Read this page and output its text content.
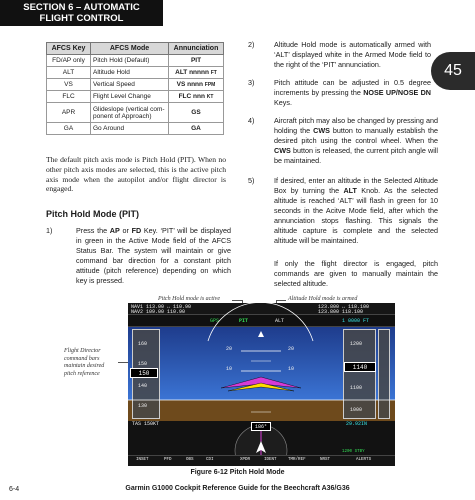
SECTION 6 – AUTOMATIC
FLIGHT CONTROL
45
AFCS Key	AFCS Mode	Annunciation
FD/AP only	Pitch Hold (Default)	PIT
ALT	Altitude Hold	ALT nnnnn FT
VS	Vertical Speed	VS nnnn FPM
FLC	Flight Level Change	FLC nnn KT
APR	Glideslope (vertical com-ponent of Approach)	GS
GA	Go Around	GA
The default pitch axis mode is Pitch Hold (PIT). When no other pitch axis modes are selected, this is the active pitch axis mode when the autopilot and/or flight director is engaged.
Pitch Hold Mode (PIT)
1)	Press the AP or FD Key. ‘PIT’ will be displayed in green in the Active Mode field of the AFCS Status Bar. The system will maintain or give command bar direction for a constant pitch attitude (pitch reference) depending on which key is pressed.
2)	Altitude Hold mode is automatically armed with ‘ALT’ displayed white in the Armed Mode field to the right of the ‘PIT’ annunciation.
3)	Pitch attitude can be adjusted in 0.5 degree increments by pressing the NOSE UP/NOSE DN Keys.
4)	Aircraft pitch may also be changed by pressing and holding the CWS button to manually establish the desired pitch using the control wheel. When the CWS button is released, the current pitch angle will be maintained.
5)	If desired, enter an altitude in the Selected Altitude Box by turning the ALT Knob. As the selected altitude is reached ‘ALT’ will flash in green for 10 seconds in the Acitve Mode field, after which the annunciation stops flashing. This signals the altitude capture is complete and the selected altitude will be maintained.
If only the flight director is engaged, pitch commands are given to manually maintain the selected altitude.
Pitch Hold mode is active	Altitude Hold mode is armed
Flight Director
command bars
maintain desired
pitch reference
NAV1 113.00 ↔ 110.90
NAV2 109.00 110.90
123.800 ↔ 118.100
123.800 118.100
GPS	PIT	ALT	1 0000 FT
160
150
140
130
150
TAS 150KT
1200
1100
1000
1140
29.92IN
20	20
10	10
186°
INSET	PFD	OBS	CDI	XPDR	IDENT	TMR/REF	NRST	ALERTS
1200 STBY
Figure 6-12 Pitch Hold Mode
Garmin G1000 Cockpit Reference Guide for the Beechcraft A36/G36
6-4
